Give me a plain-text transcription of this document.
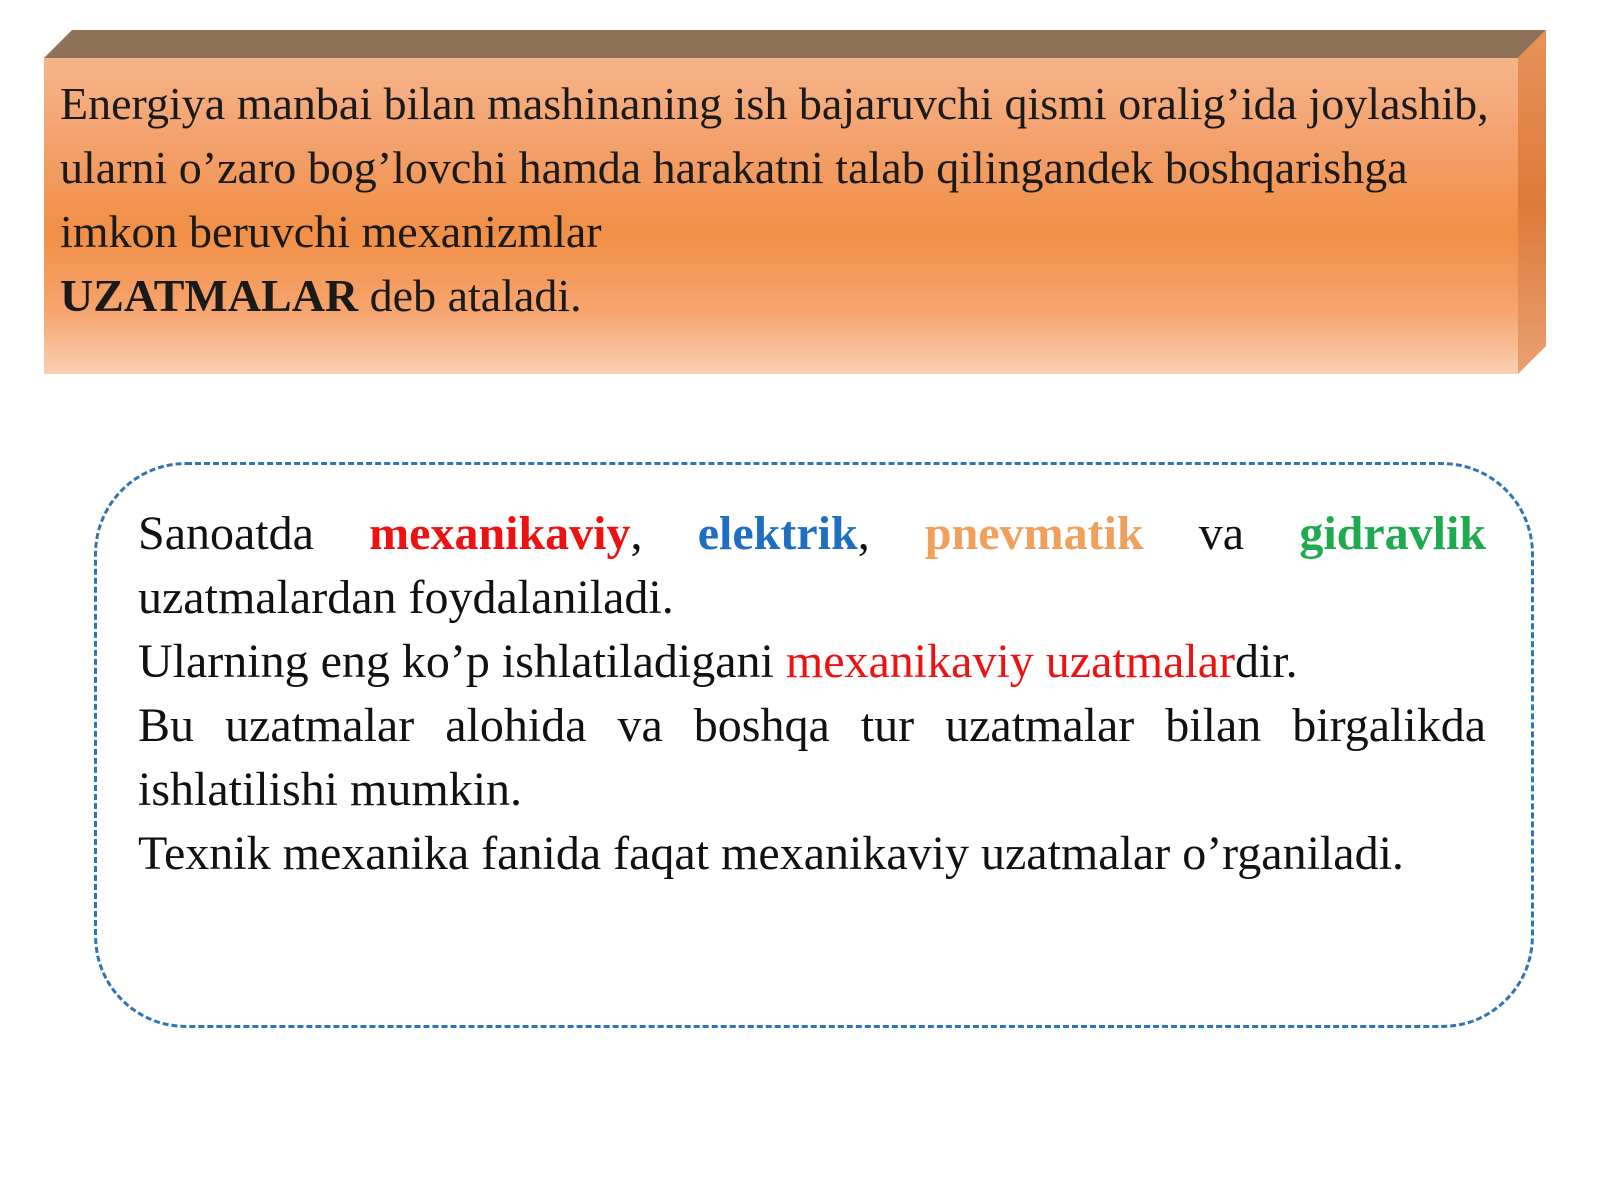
Energiya manbai bilan mashinaning ish bajaruvchi qismi oralig’ida joylashib, ularni o’zaro bog’lovchi hamda harakatni talab qilingandek boshqarishga imkon beruvchi mexanizmlar
UZATMALAR deb ataladi.

Sanoatda mexanikaviy, elektrik, pnevmatik va gidravlik uzatmalardan foydalaniladi.

Ularning eng ko’p ishlatiladigani mexanikaviy uzatmalardir.

Bu uzatmalar alohida va boshqa tur uzatmalar bilan birgalikda ishlatilishi mumkin.

Texnik mexanika fanida faqat mexanikaviy uzatmalar o’rganiladi.
